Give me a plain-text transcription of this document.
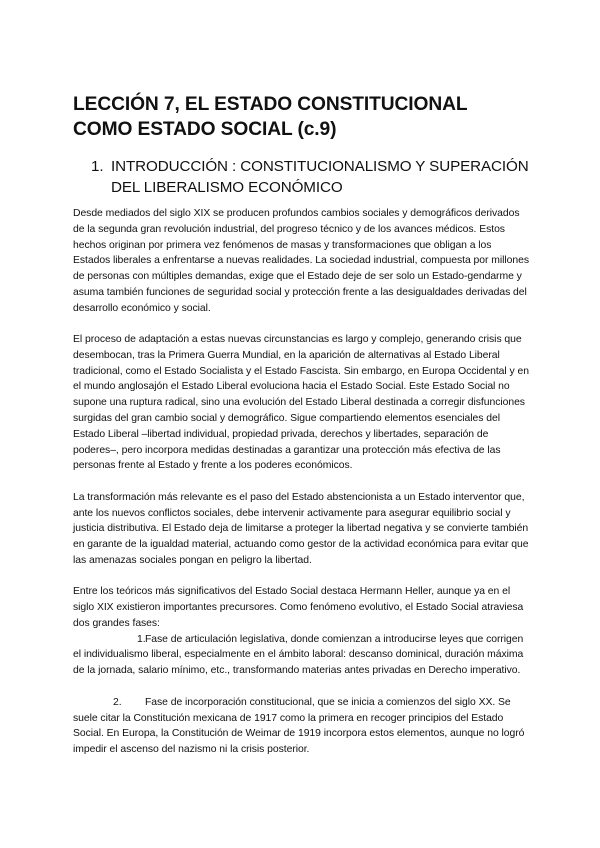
LECCIÓN 7, EL ESTADO CONSTITUCIONAL COMO ESTADO SOCIAL (c.9)
1. INTRODUCCIÓN : CONSTITUCIONALISMO Y SUPERACIÓN DEL LIBERALISMO ECONÓMICO

Desde mediados del siglo XIX se producen profundos cambios sociales y demográficos derivados de la segunda gran revolución industrial, del progreso técnico y de los avances médicos. Estos hechos originan por primera vez fenómenos de masas y transformaciones que obligan a los Estados liberales a enfrentarse a nuevas realidades. La sociedad industrial, compuesta por millones de personas con múltiples demandas, exige que el Estado deje de ser solo un Estado-gendarme y asuma también funciones de seguridad social y protección frente a las desigualdades derivadas del desarrollo económico y social.

El proceso de adaptación a estas nuevas circunstancias es largo y complejo, generando crisis que desembocan, tras la Primera Guerra Mundial, en la aparición de alternativas al Estado Liberal tradicional, como el Estado Socialista y el Estado Fascista. Sin embargo, en Europa Occidental y en el mundo anglosajón el Estado Liberal evoluciona hacia el Estado Social. Este Estado Social no supone una ruptura radical, sino una evolución del Estado Liberal destinada a corregir disfunciones surgidas del gran cambio social y demográfico. Sigue compartiendo elementos esenciales del Estado Liberal –libertad individual, propiedad privada, derechos y libertades, separación de poderes–, pero incorpora medidas destinadas a garantizar una protección más efectiva de las personas frente al Estado y frente a los poderes económicos.

La transformación más relevante es el paso del Estado abstencionista a un Estado interventor que, ante los nuevos conflictos sociales, debe intervenir activamente para asegurar equilibrio social y justicia distributiva. El Estado deja de limitarse a proteger la libertad negativa y se convierte también en garante de la igualdad material, actuando como gestor de la actividad económica para evitar que las amenazas sociales pongan en peligro la libertad.

Entre los teóricos más significativos del Estado Social destaca Hermann Heller, aunque ya en el siglo XIX existieron importantes precursores. Como fenómeno evolutivo, el Estado Social atraviesa dos grandes fases:

1.Fase de articulación legislativa, donde comienzan a introducirse leyes que corrigen el individualismo liberal, especialmente en el ámbito laboral: descanso dominical, duración máxima de la jornada, salario mínimo, etc., transformando materias antes privadas en Derecho imperativo.

2. Fase de incorporación constitucional, que se inicia a comienzos del siglo XX. Se suele citar la Constitución mexicana de 1917 como la primera en recoger principios del Estado Social. En Europa, la Constitución de Weimar de 1919 incorpora estos elementos, aunque no logró impedir el ascenso del nazismo ni la crisis posterior.
